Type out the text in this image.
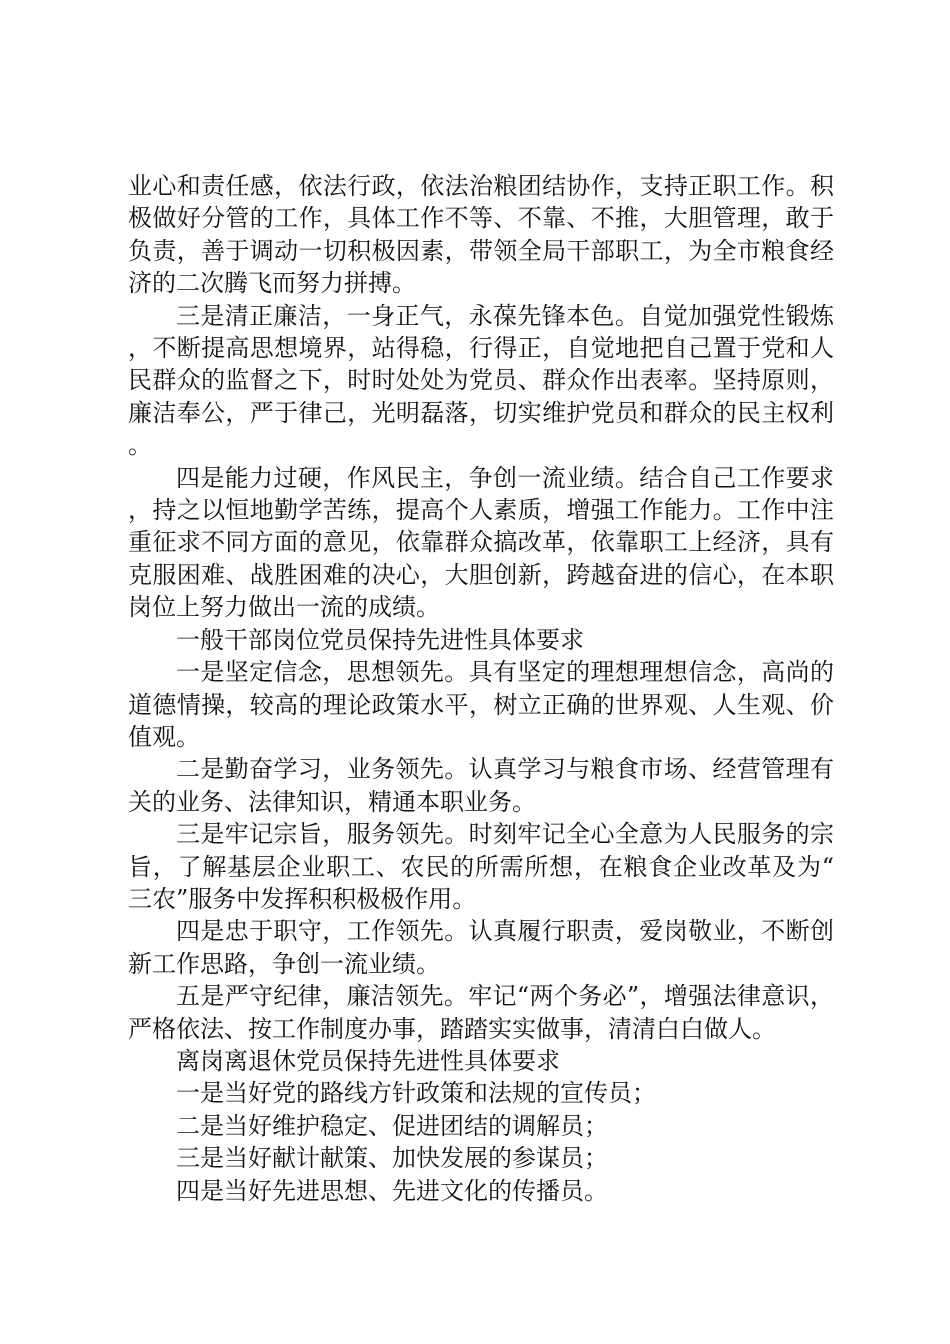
业心和责任感，依法行政，依法治粮团结协作，支持正职工作。积极做好分管的工作，具体工作不等、不靠、不推，大胆管理，敢于负责，善于调动一切积极因素，带领全局干部职工，为全市粮食经济的二次腾飞而努力拼搏。

三是清正廉洁，一身正气，永葆先锋本色。自觉加强党性锻炼，不断提高思想境界，站得稳，行得正，自觉地把自己置于党和人民群众的监督之下，时时处处为党员、群众作出表率。坚持原则，廉洁奉公，严于律己，光明磊落，切实维护党员和群众的民主权利。

四是能力过硬，作风民主，争创一流业绩。结合自己工作要求，持之以恒地勤学苦练，提高个人素质，增强工作能力。工作中注重征求不同方面的意见，依靠群众搞改革，依靠职工上经济，具有克服困难、战胜困难的决心，大胆创新，跨越奋进的信心，在本职岗位上努力做出一流的成绩。

一般干部岗位党员保持先进性具体要求

一是坚定信念，思想领先。具有坚定的理想理想信念，高尚的道德情操，较高的理论政策水平，树立正确的世界观、人生观、价值观。

二是勤奋学习，业务领先。认真学习与粮食市场、经营管理有关的业务、法律知识，精通本职业务。

三是牢记宗旨，服务领先。时刻牢记全心全意为人民服务的宗旨，了解基层企业职工、农民的所需所想，在粮食企业改革及为“三农”服务中发挥积积极极作用。

四是忠于职守，工作领先。认真履行职责，爱岗敬业，不断创新工作思路，争创一流业绩。

五是严守纪律，廉洁领先。牢记“两个务必”，增强法律意识，严格依法、按工作制度办事，踏踏实实做事，清清白白做人。

离岗离退休党员保持先进性具体要求

一是当好党的路线方针政策和法规的宣传员；

二是当好维护稳定、促进团结的调解员；

三是当好献计献策、加快发展的参谋员；

四是当好先进思想、先进文化的传播员。
